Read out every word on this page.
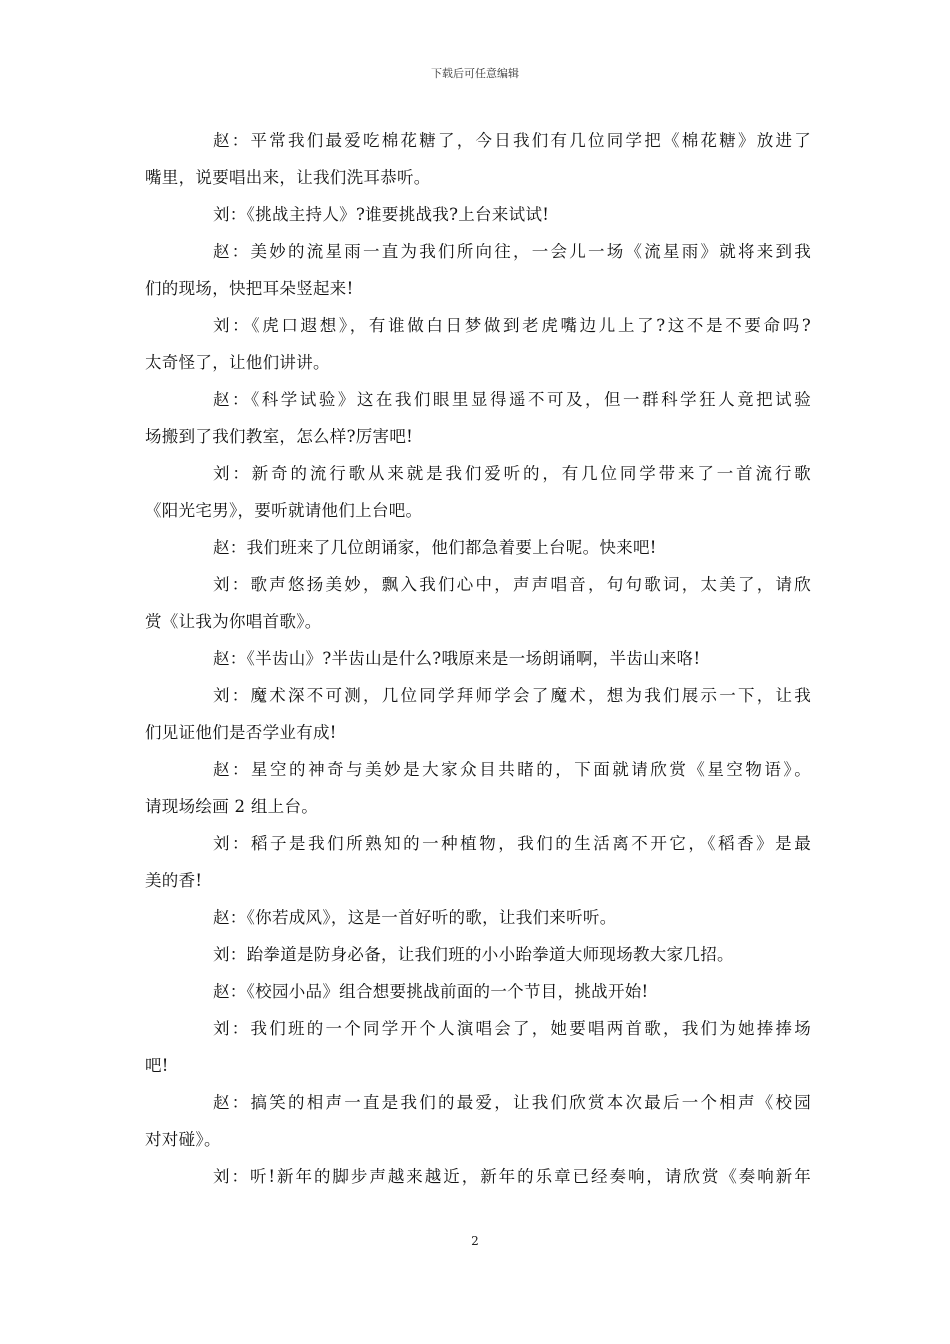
下载后可任意编辑
赵：平常我们最爱吃棉花糖了，今日我们有几位同学把《棉花糖》放进了
嘴里，说要唱出来，让我们洗耳恭听。
刘：《挑战主持人》?谁要挑战我?上台来试试!
赵：美妙的流星雨一直为我们所向往，一会儿一场《流星雨》就将来到我
们的现场，快把耳朵竖起来!
刘：《虎口遐想》，有谁做白日梦做到老虎嘴边儿上了?这不是不要命吗?
太奇怪了，让他们讲讲。
赵：《科学试验》这在我们眼里显得遥不可及，但一群科学狂人竟把试验
场搬到了我们教室，怎么样?厉害吧!
刘：新奇的流行歌从来就是我们爱听的，有几位同学带来了一首流行歌
《阳光宅男》，要听就请他们上台吧。
赵：我们班来了几位朗诵家，他们都急着要上台呢。快来吧!
刘：歌声悠扬美妙，飘入我们心中，声声唱音，句句歌词，太美了，请欣
赏《让我为你唱首歌》。
赵：《半齿山》?半齿山是什么?哦原来是一场朗诵啊，半齿山来咯!
刘：魔术深不可测，几位同学拜师学会了魔术，想为我们展示一下，让我
们见证他们是否学业有成!
赵：星空的神奇与美妙是大家众目共睹的，下面就请欣赏《星空物语》。
请现场绘画 2 组上台。
刘：稻子是我们所熟知的一种植物，我们的生活离不开它，《稻香》是最
美的香!
赵：《你若成风》，这是一首好听的歌，让我们来听听。
刘：跆拳道是防身必备，让我们班的小小跆拳道大师现场教大家几招。
赵：《校园小品》组合想要挑战前面的一个节目，挑战开始!
刘：我们班的一个同学开个人演唱会了，她要唱两首歌，我们为她捧捧场
吧!
赵：搞笑的相声一直是我们的最爱，让我们欣赏本次最后一个相声《校园
对对碰》。
刘：听!新年的脚步声越来越近，新年的乐章已经奏响，请欣赏《奏响新年
2
